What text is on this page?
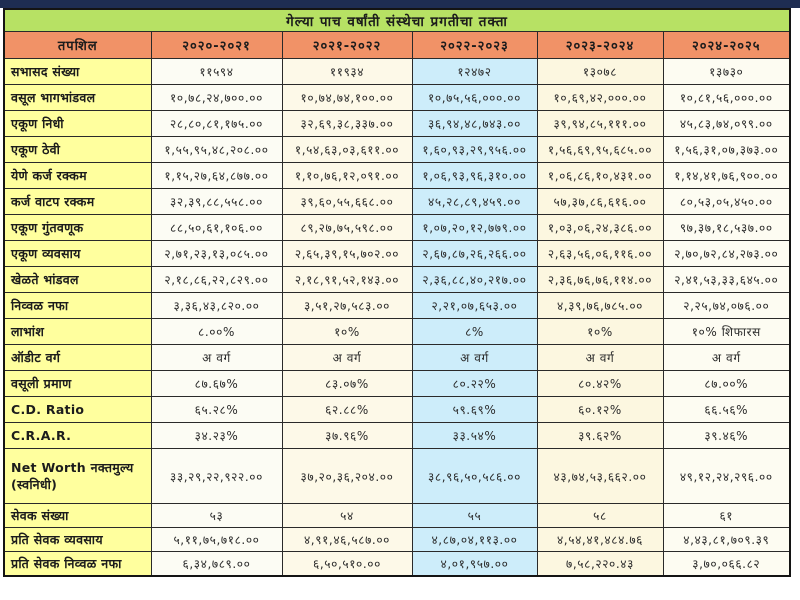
गेल्या पाच वर्षांती संस्थेचा प्रगतीचा तक्ता					
तपशिल	२०२०-२०२१	२०२१-२०२२	२०२२-२०२३	२०२३-२०२४	२०२४-२०२५
सभासद संख्या	११५९४	११९३४	१२४७२	१३०७८	१३७३०
वसूल भागभांडवल	१०,७८,२४,७००.००	१०,७४,७४,१००.००	१०,७५,५६,०००.००	१०,६९,४२,०००.००	१०,८१,५६,०००.००
एकूण निधी	२८,८०,८१,१७५.००	३२,६९,३८,३३७.००	३६,९४,४८,७४३.००	३९,९४,८५,१११.००	४५,८३,७४,०९९.००
एकूण ठेवी	१,५५,९५,४८,२०८.००	१,५४,६३,०३,६११.००	१,६०,९३,२९,९५६.००	१,५६,६९,९५,६८५.००	१,५६,३१,०७,३७३.००
येणे कर्ज रक्कम	१,१५,२७,६४,८७७.००	१,१०,७६,१२,०९१.००	१,०६,९३,९६,३१०.००	१,०६,८६,१०,४३१.००	१,१४,४१,७६,९००.००
कर्ज वाटप रक्कम	३२,३९,८८,५५८.००	३९,६०,५५,६६८.००	४५,२८,८९,४५९.००	५७,३७,८६,६१६.००	८०,५३,०५,४५०.००
एकूण गुंतवणूक	८८,५०,६१,१०६.००	८९,२७,७५,५९८.००	१,०७,२०,१२,७७९.००	१,०३,०६,२४,३८६.००	९७,३७,१८,५३७.००
एकूण व्यवसाय	२,७१,२३,१३,०८५.००	२,६५,३९,१५,७०२.००	२,६७,८७,२६,२६६.००	२,६३,५६,०६,११६.००	२,७०,७२,८४,२७३.००
खेळते भांडवल	२,१८,८६,२२,८२९.००	२,१८,९१,५२,१४३.००	२,३६,८८,४०,२१७.००	२,३६,७६,७६,११४.००	२,४१,५३,३३,६४५.००
निव्वळ नफा	३,३६,४३,८२०.००	३,५१,२७,५८३.००	२,२१,०७,६५३.००	४,३९,७६,७८५.००	२,२५,७४,०७६.००
लाभांश	८.००%	१०%	८%	१०%	१०% शिफारस
ऑडीट वर्ग	अ वर्ग	अ वर्ग	अ वर्ग	अ वर्ग	अ वर्ग
वसूली प्रमाण	८७.६७%	८३.०७%	८०.२२%	८०.४२%	८७.००%
C.D. Ratio	६५.२८%	६२.८८%	५९.६९%	६०.१२%	६६.५६%
C.R.A.R.	३४.२३%	३७.९६%	३३.५४%	३९.६२%	३९.४६%
Net Worth नक्तमुल्य (स्वनिधी)	३३,२९,२२,९२२.००	३७,२०,३६,२०४.००	३८,९६,५०,५८६.००	४३,७४,५३,६६२.००	४९,१२,२४,२९६.००
सेवक संख्या	५३	५४	५५	५८	६१
प्रति सेवक व्यवसाय	५,११,७५,७१८.००	४,९१,४६,५८७.००	४,८७,०४,११३.००	४,५४,४१,४८४.७६	४,४३,८१,७०९.३९
प्रति सेवक निव्वळ नफा	६,३४,७८९.००	६,५०,५१०.००	४,०१,९५७.००	७,५८,२२०.४३	३,७०,०६६.८२
